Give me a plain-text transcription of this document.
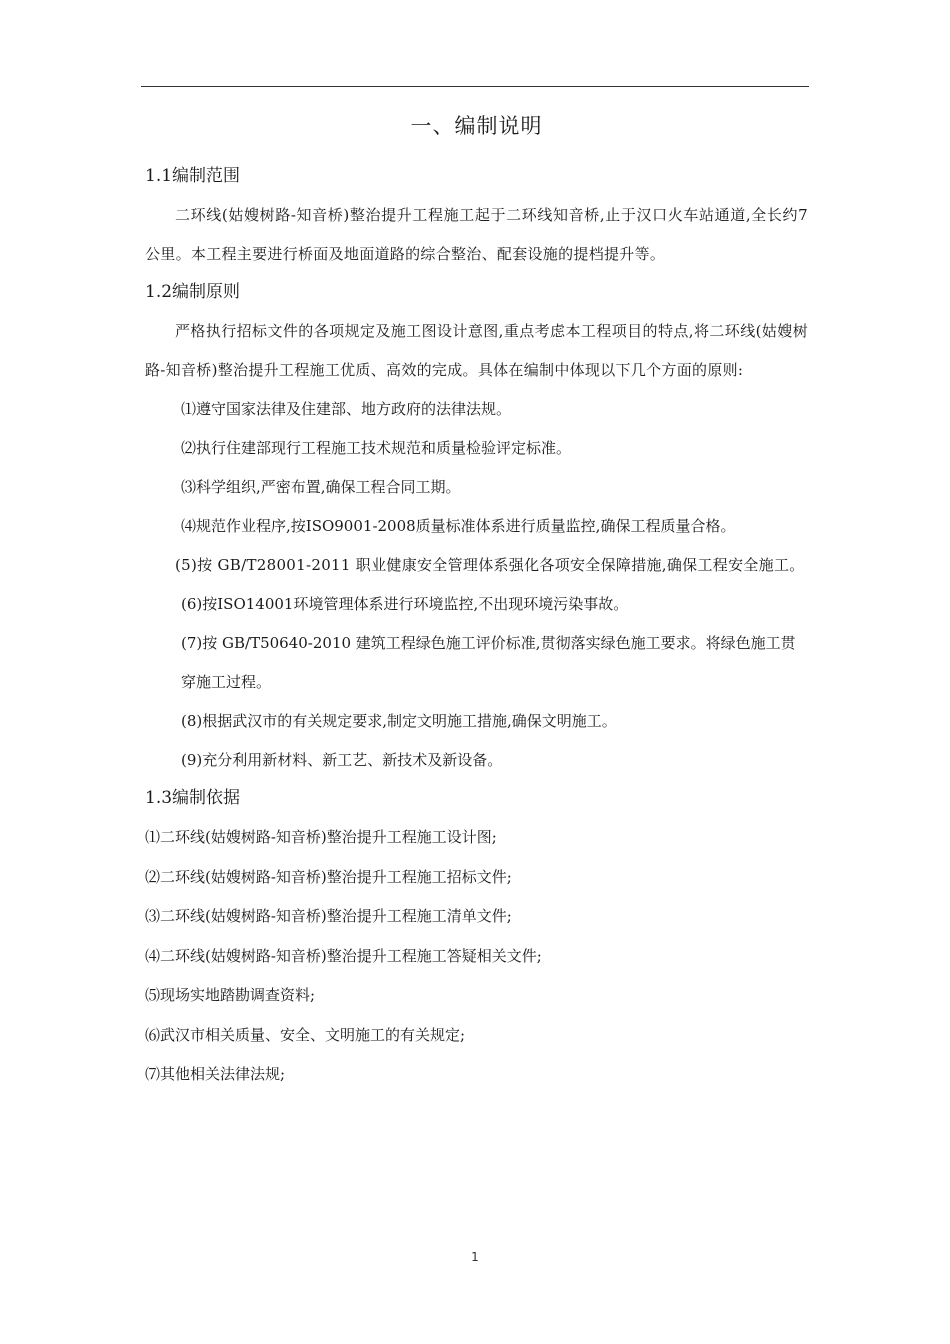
一、编制说明
1.1编制范围

二环线(姑嫂树路-知音桥)整治提升工程施工起于二环线知音桥,止于汉口火车站通道,全长约7公里。本工程主要进行桥面及地面道路的综合整治、配套设施的提档提升等。

1.2编制原则

严格执行招标文件的各项规定及施工图设计意图,重点考虑本工程项目的特点,将二环线(姑嫂树路-知音桥)整治提升工程施工优质、高效的完成。具体在编制中体现以下几个方面的原则:

⑴遵守国家法律及住建部、地方政府的法律法规。
⑵执行住建部现行工程施工技术规范和质量检验评定标准。
⑶科学组织,严密布置,确保工程合同工期。
⑷规范作业程序,按ISO9001-2008质量标准体系进行质量监控,确保工程质量合格。
(5)按 GB/T28001-2011 职业健康安全管理体系强化各项安全保障措施,确保工程安全施工。
(6)按ISO14001环境管理体系进行环境监控,不出现环境污染事故。
(7)按 GB/T50640-2010 建筑工程绿色施工评价标准,贯彻落实绿色施工要求。将绿色施工贯穿施工过程。
(8)根据武汉市的有关规定要求,制定文明施工措施,确保文明施工。
(9)充分利用新材料、新工艺、新技术及新设备。
1.3编制依据
⑴二环线(姑嫂树路-知音桥)整治提升工程施工设计图;
⑵二环线(姑嫂树路-知音桥)整治提升工程施工招标文件;
⑶二环线(姑嫂树路-知音桥)整治提升工程施工清单文件;
⑷二环线(姑嫂树路-知音桥)整治提升工程施工答疑相关文件;
⑸现场实地踏勘调查资料;
⑹武汉市相关质量、安全、文明施工的有关规定;
⑺其他相关法律法规;
1
